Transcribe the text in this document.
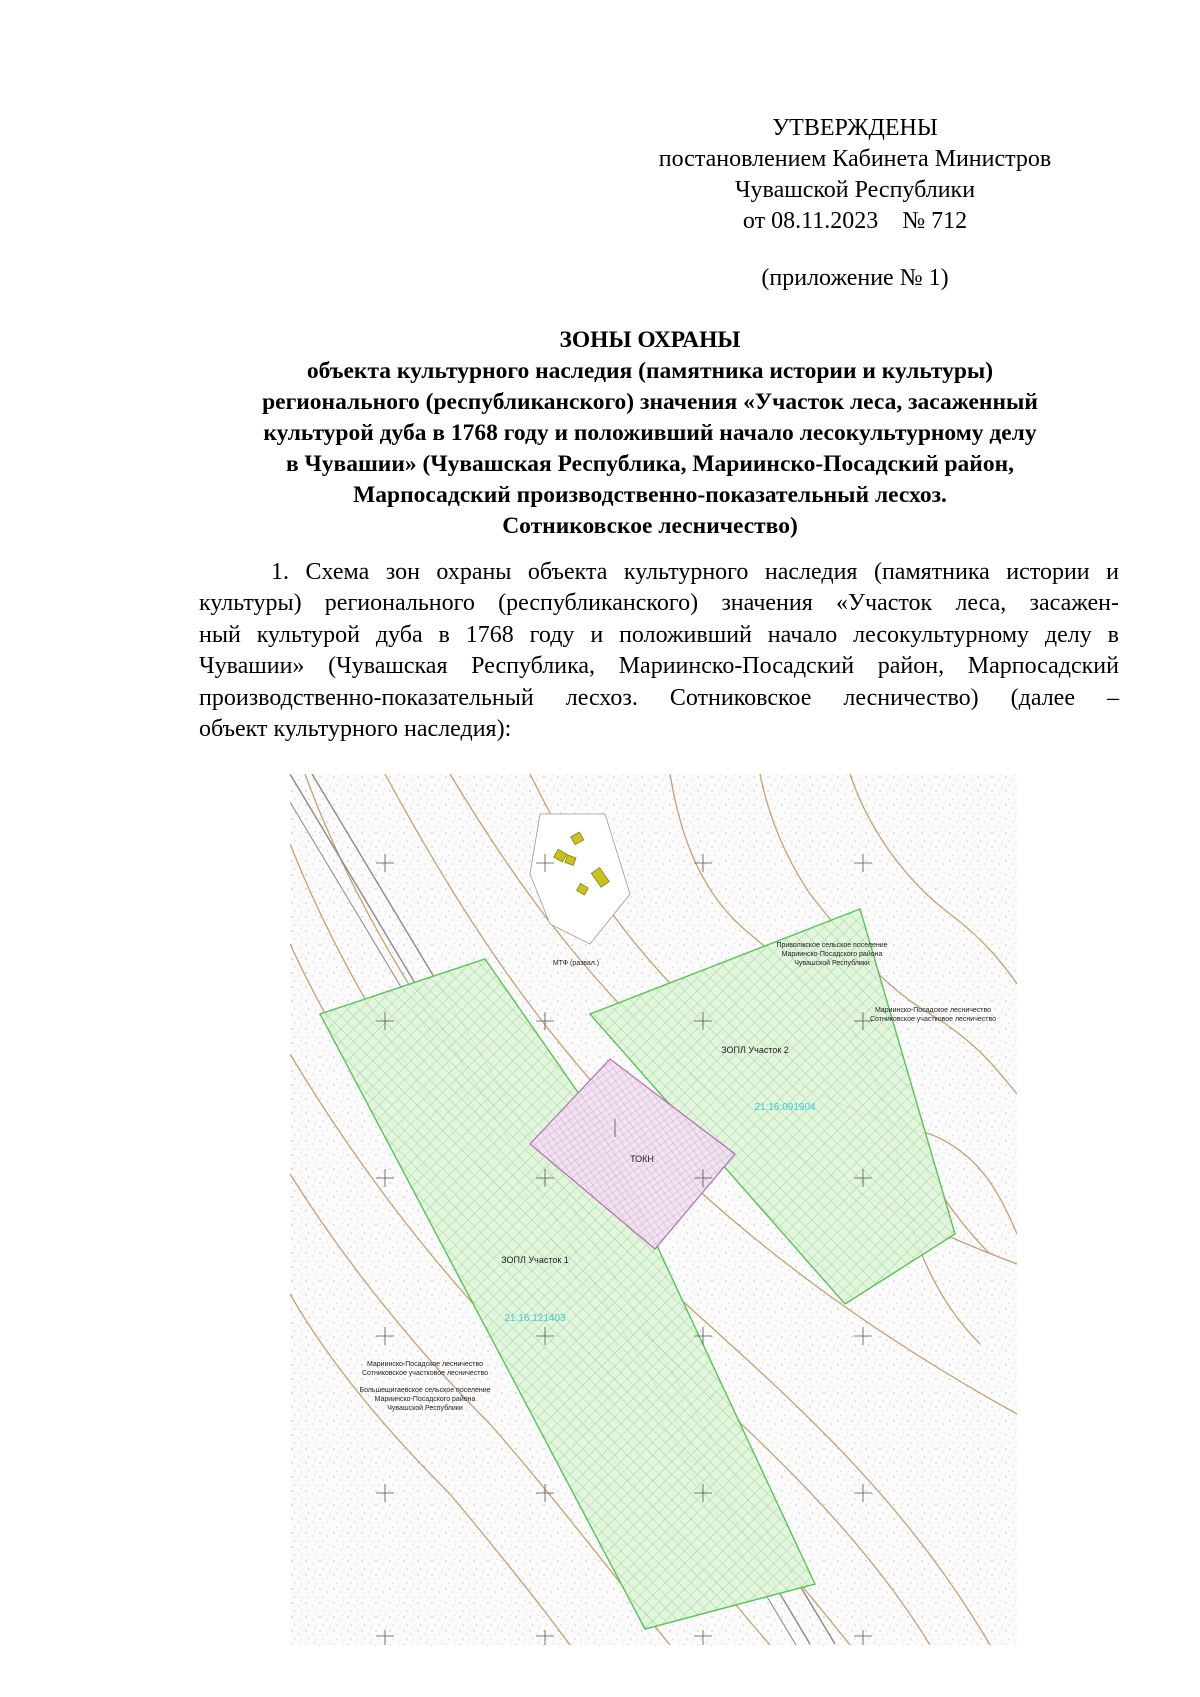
УТВЕРЖДЕНЫ
постановлением Кабинета Министров
Чувашской Республики
от 08.11.2023    № 712
(приложение № 1)
ЗОНЫ ОХРАНЫ
объекта культурного наследия (памятника истории и культуры)
регионального (республиканского) значения «Участок леса, засаженный
культурой дуба в 1768 году и положивший начало лесокультурному делу
в Чувашии» (Чувашская Республика, Мариинско-Посадский район,
Марпосадский производственно-показательный лесхоз.
Сотниковское лесничество)
1. Схема зон охраны объекта культурного наследия (памятника истории и
культуры) регионального (республиканского) значения «Участок леса, засажен-
ный культурой дуба в 1768 году и положивший начало лесокультурному делу в
Чувашии» (Чувашская Республика, Мариинско-Посадский район, Марпосадский
производственно-показательный лесхоз. Сотниковское лесничество) (далее –
объект культурного наследия):
МТФ (развал.)
Приволжское сельское поселение
Мариинско-Посадского района
Чувашской Республики
Мариинско-Посадское лесничество
Сотниковское участковое лесничество
Мариинско-Посадское лесничество
Сотниковское участковое лесничество
Большешигаевское сельское поселение
Мариинско-Посадского района
Чувашской Республики
ЗОПЛ Участок 1
ЗОПЛ Участок 2
ТОКН
21:16:121403
21:16:091904
